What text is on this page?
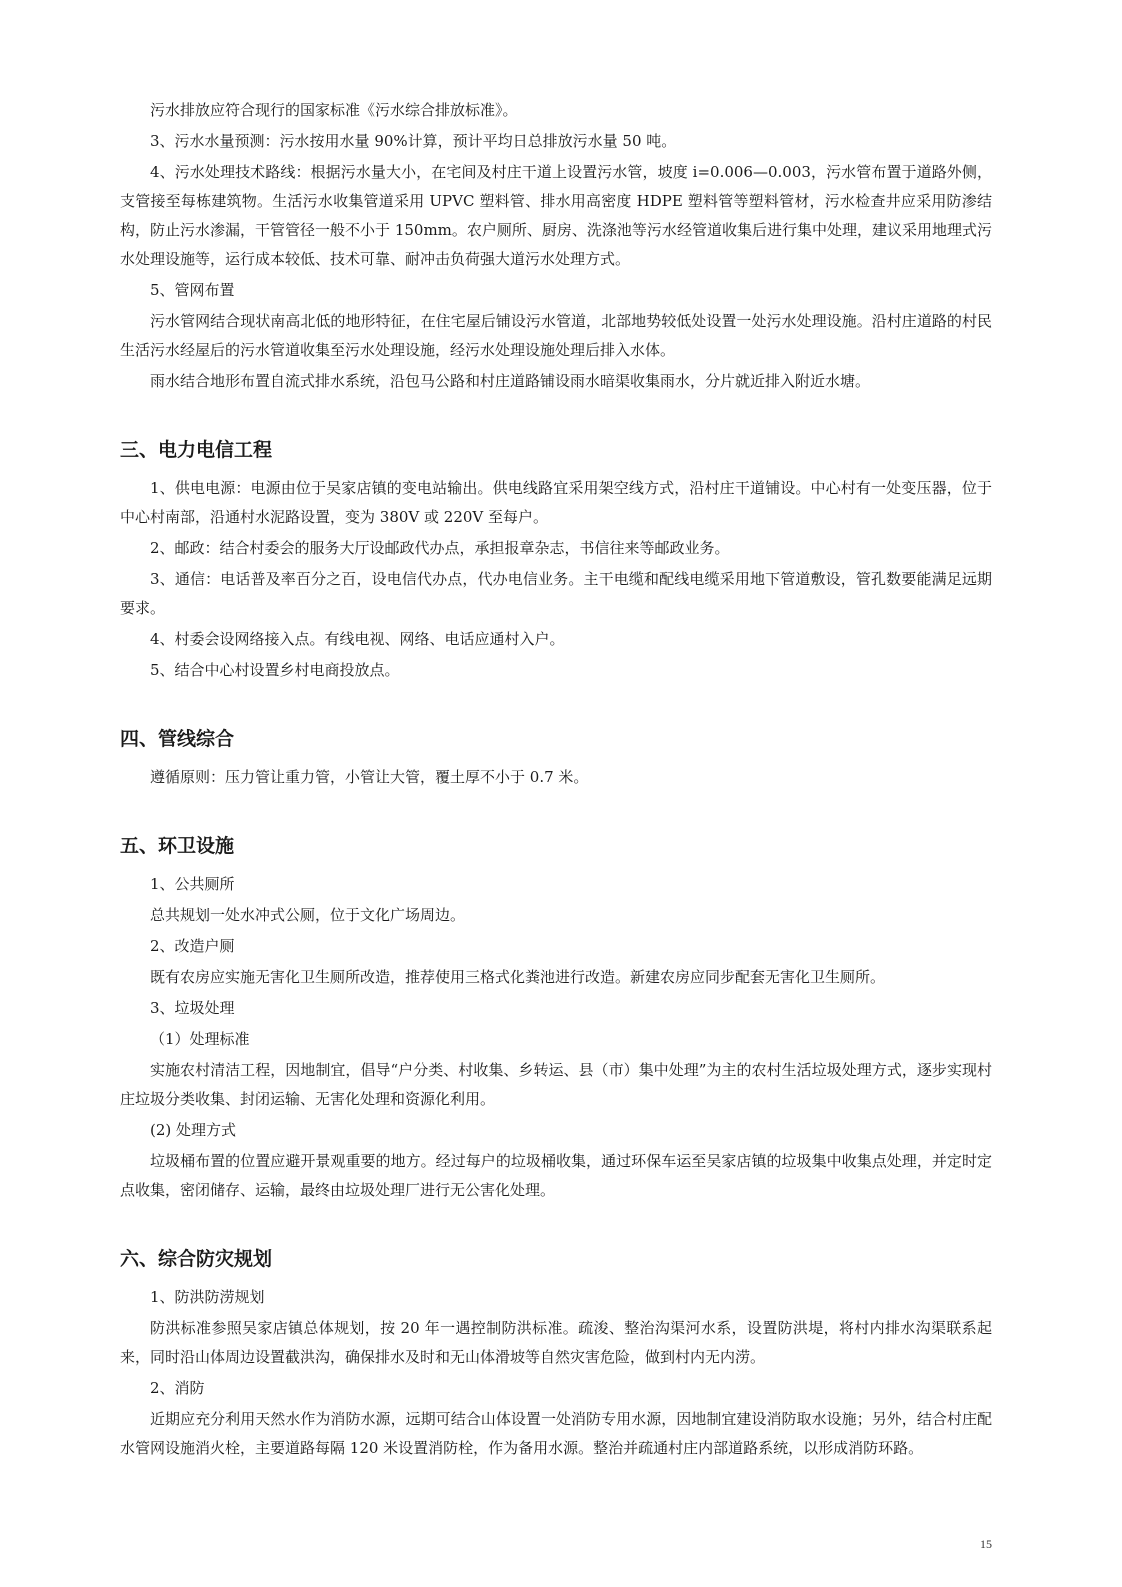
污水排放应符合现行的国家标准《污水综合排放标准》。

3、污水水量预测：污水按用水量 90%计算，预计平均日总排放污水量 50 吨。

4、污水处理技术路线：根据污水量大小，在宅间及村庄干道上设置污水管，坡度 i=0.006—0.003，污水管布置于道路外侧，支管接至每栋建筑物。生活污水收集管道采用 UPVC 塑料管、排水用高密度 HDPE 塑料管等塑料管材，污水检查井应采用防渗结构，防止污水渗漏，干管管径一般不小于 150mm。农户厕所、厨房、洗涤池等污水经管道收集后进行集中处理，建议采用地理式污水处理设施等，运行成本较低、技术可靠、耐冲击负荷强大道污水处理方式。

5、管网布置

污水管网结合现状南高北低的地形特征，在住宅屋后铺设污水管道，北部地势较低处设置一处污水处理设施。沿村庄道路的村民生活污水经屋后的污水管道收集至污水处理设施，经污水处理设施处理后排入水体。

雨水结合地形布置自流式排水系统，沿包马公路和村庄道路铺设雨水暗渠收集雨水，分片就近排入附近水塘。

三、电力电信工程

1、供电电源：电源由位于吴家店镇的变电站输出。供电线路宜采用架空线方式，沿村庄干道铺设。中心村有一处变压器，位于中心村南部，沿通村水泥路设置，变为 380V 或 220V 至每户。

2、邮政：结合村委会的服务大厅设邮政代办点，承担报章杂志，书信往来等邮政业务。

3、通信：电话普及率百分之百，设电信代办点，代办电信业务。主干电缆和配线电缆采用地下管道敷设，管孔数要能满足远期要求。

4、村委会设网络接入点。有线电视、网络、电话应通村入户。

5、结合中心村设置乡村电商投放点。

四、管线综合

遵循原则：压力管让重力管，小管让大管，覆土厚不小于 0.7 米。

五、环卫设施

1、公共厕所

总共规划一处水冲式公厕，位于文化广场周边。

2、改造户厕

既有农房应实施无害化卫生厕所改造，推荐使用三格式化粪池进行改造。新建农房应同步配套无害化卫生厕所。

3、垃圾处理

（1）处理标准

实施农村清洁工程，因地制宜，倡导“户分类、村收集、乡转运、县（市）集中处理”为主的农村生活垃圾处理方式，逐步实现村庄垃圾分类收集、封闭运输、无害化处理和资源化利用。

(2) 处理方式

垃圾桶布置的位置应避开景观重要的地方。经过每户的垃圾桶收集，通过环保车运至吴家店镇的垃圾集中收集点处理，并定时定点收集，密闭储存、运输，最终由垃圾处理厂进行无公害化处理。

六、综合防灾规划

1、防洪防涝规划

防洪标准参照吴家店镇总体规划，按 20 年一遇控制防洪标准。疏浚、整治沟渠河水系，设置防洪堤，将村内排水沟渠联系起来，同时沿山体周边设置截洪沟，确保排水及时和无山体滑坡等自然灾害危险，做到村内无内涝。

2、消防

近期应充分利用天然水作为消防水源，远期可结合山体设置一处消防专用水源，因地制宜建设消防取水设施；另外，结合村庄配水管网设施消火栓，主要道路每隔 120 米设置消防栓，作为备用水源。整治并疏通村庄内部道路系统，以形成消防环路。

15
